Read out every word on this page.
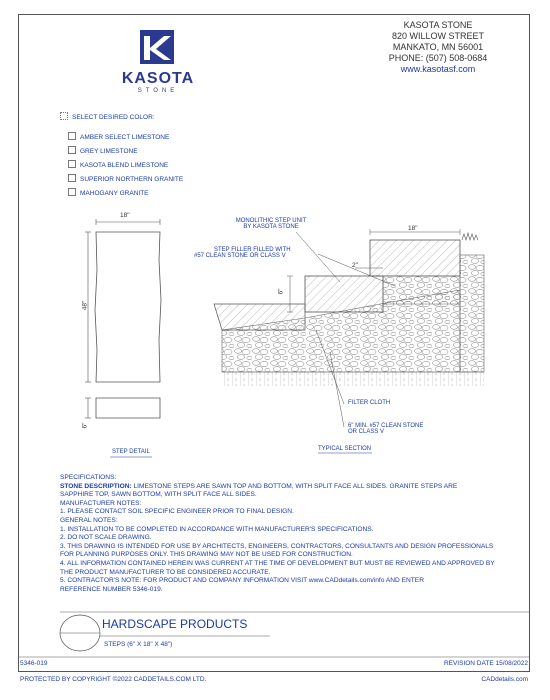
KASOTA
STONE
KASOTA STONE
820 WILLOW STREET
MANKATO, MN 56001
PHONE: (507) 508-0684
www.kasotasf.com
SELECT DESIRED COLOR:
AMBER SELECT LIMESTONE
GREY LIMESTONE
KASOTA BLEND LIMESTONE
SUPERIOR NORTHERN GRANITE
MAHOGANY GRANITE
18"
48"
6"
STEP DETAIL
MONOLITHIC STEP UNIT
BY KASOTA STONE
STEP FILLER FILLED WITH
#57 CLEAN STONE OR CLASS V
18"
2"
6"
FILTER CLOTH
6" MIN. #57 CLEAN STONE
OR CLASS V
TYPICAL SECTION
SPECIFICATIONS:
STONE DESCRIPTION: LIMESTONE STEPS ARE SAWN TOP AND BOTTOM, WITH SPLIT FACE ALL SIDES. GRANITE STEPS ARE
SAPPHIRE TOP, SAWN BOTTOM, WITH SPLIT FACE ALL SIDES.
MANUFACTURER NOTES:
1. PLEASE CONTACT SOIL SPECIFIC ENGINEER PRIOR TO FINAL DESIGN.
GENERAL NOTES:
1. INSTALLATION TO BE COMPLETED IN ACCORDANCE WITH MANUFACTURER'S SPECIFICATIONS.
2. DO NOT SCALE DRAWING.
3. THIS DRAWING IS INTENDED FOR USE BY ARCHITECTS, ENGINEERS, CONTRACTORS, CONSULTANTS AND DESIGN PROFESSIONALS
FOR PLANNING PURPOSES ONLY. THIS DRAWING MAY NOT BE USED FOR CONSTRUCTION.
4. ALL INFORMATION CONTAINED HEREIN WAS CURRENT AT THE TIME OF DEVELOPMENT BUT MUST BE REVIEWED AND APPROVED BY
THE PRODUCT MANUFACTURER TO BE CONSIDERED ACCURATE.
5. CONTRACTOR'S NOTE: FOR PRODUCT AND COMPANY INFORMATION VISIT www.CADdetails.com/info AND ENTER
REFERENCE NUMBER 5346-019.
HARDSCAPE PRODUCTS
STEPS (6" X 18" X 48")
5346-019	REVISION DATE 15/08/2022
PROTECTED BY COPYRIGHT ©2022 CADDETAILS.COM LTD.	CADdetails.com
